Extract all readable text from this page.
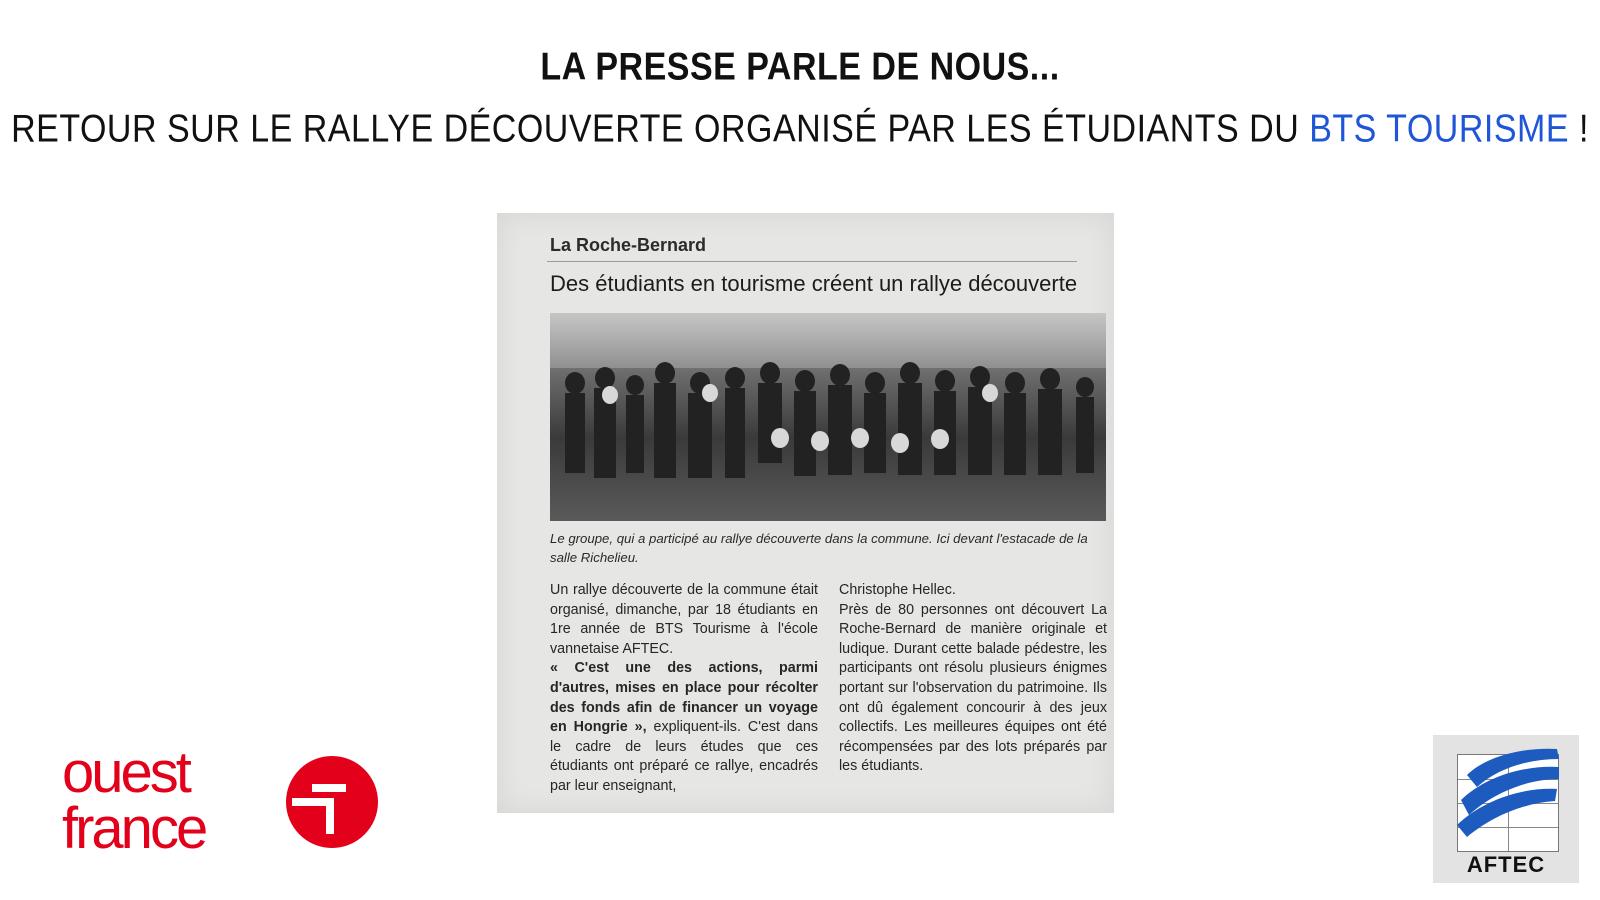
LA PRESSE PARLE DE NOUS...
RETOUR SUR LE RALLYE DÉCOUVERTE ORGANISÉ PAR LES ÉTUDIANTS DU BTS TOURISME !
La Roche-Bernard
Des étudiants en tourisme créent un rallye découverte
Le groupe, qui a participé au rallye découverte dans la commune. Ici devant l'estacade de la salle Richelieu.

Un rallye découverte de la commune était organisé, dimanche, par 18 étudiants en 1re année de BTS Tourisme à l'école vannetaise AFTEC.

« C'est une des actions, parmi d'autres, mises en place pour récolter des fonds afin de financer un voyage en Hongrie », expliquent-ils. C'est dans le cadre de leurs études que ces étudiants ont préparé ce rallye, encadrés par leur enseignant,

Christophe Hellec.

Près de 80 personnes ont découvert La Roche-Bernard de manière originale et ludique. Durant cette balade pédestre, les participants ont résolu plusieurs énigmes portant sur l'observation du patrimoine. Ils ont dû également concourir à des jeux collectifs. Les meilleures équipes ont été récompensées par des lots préparés par les étudiants.

ouest
france
AFTEC
